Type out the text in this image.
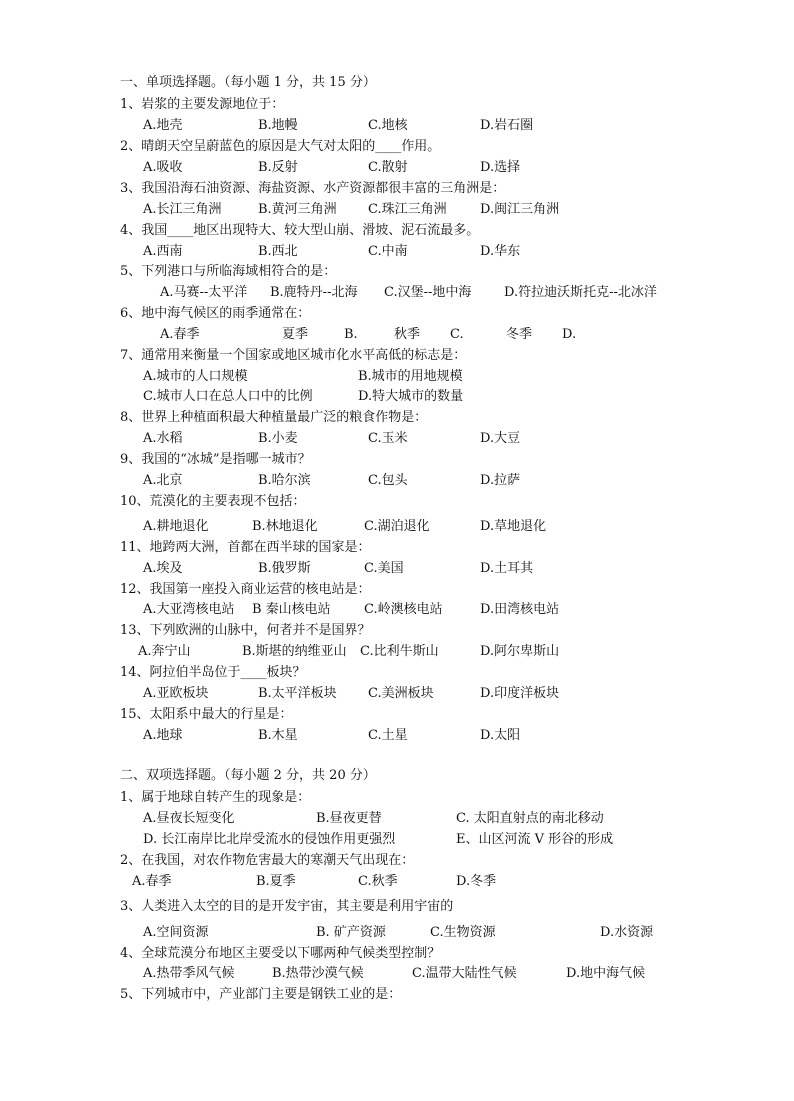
一、单项选择题。（每小题 1 分，共 15 分）
1、岩浆的主要发源地位于：
A.地壳	B.地幔	C.地核	D.岩石圈
2、晴朗天空呈蔚蓝色的原因是大气对太阳的____作用。
A.吸收	B.反射	C.散射	D.选择
3、我国沿海石油资源、海盐资源、水产资源都很丰富的三角洲是：
A.长江三角洲	B.黄河三角洲 C.珠江三角洲	D.闽江三角洲
4、我国____地区出现特大、较大型山崩、滑坡、泥石流最多。
A.西南	B.西北	C.中南	D.华东
5、下列港口与所临海域相符合的是：
A.马赛--太平洋 B.鹿特丹--北海 C.汉堡--地中海	D.符拉迪沃斯托克--北冰洋
6、地中海气候区的雨季通常在：
A.春季	夏季	B.	秋季 C.	冬季 D.
7、通常用来衡量一个国家或地区城市化水平高低的标志是：
A.城市的人口规模	B.城市的用地规模
C.城市人口在总人口中的比例	D.特大城市的数量
8、世界上种植面积最大种植量最广泛的粮食作物是：
A.水稻	B.小麦	C.玉米	D.大豆
9、我国的“冰城”是指哪一城市？
A.北京	B.哈尔滨	C.包头	D.拉萨
10、荒漠化的主要表现不包括：
A.耕地退化	B.林地退化	C.湖泊退化	D.草地退化
11、地跨两大洲，首都在西半球的国家是：
A.埃及	B.俄罗斯	C.美国	D.土耳其
12、我国第一座投入商业运营的核电站是：
A.大亚湾核电站 B 秦山核电站	C.岭澳核电站	D.田湾核电站
13、下列欧洲的山脉中，何者并不是国界？
A.奔宁山	B.斯堪的纳维亚山 C.比利牛斯山	D.阿尔卑斯山
14、阿拉伯半岛位于____板块？
A.亚欧板块	B.太平洋板块 C.美洲板块	D.印度洋板块
15、太阳系中最大的行星是：
A.地球	B.木星	C.土星	D.太阳
二、双项选择题。（每小题 2 分，共 20 分）
1、属于地球自转产生的现象是：
A.昼夜长短变化	B.昼夜更替	C. 太阳直射点的南北移动
D. 长江南岸比北岸受流水的侵蚀作用更强烈	E、山区河流 V 形谷的形成
2、在我国，对农作物危害最大的寒潮天气出现在：
A.春季	B.夏季	C.秋季	D.冬季
3、人类进入太空的目的是开发宇宙，其主要是利用宇宙的
A.空间资源	B. 矿产资源	C.生物资源	D.水资源
4、全球荒漠分布地区主要受以下哪两种气候类型控制？
A.热带季风气候	B.热带沙漠气候	C.温带大陆性气候	D.地中海气候
5、下列城市中，产业部门主要是钢铁工业的是：
